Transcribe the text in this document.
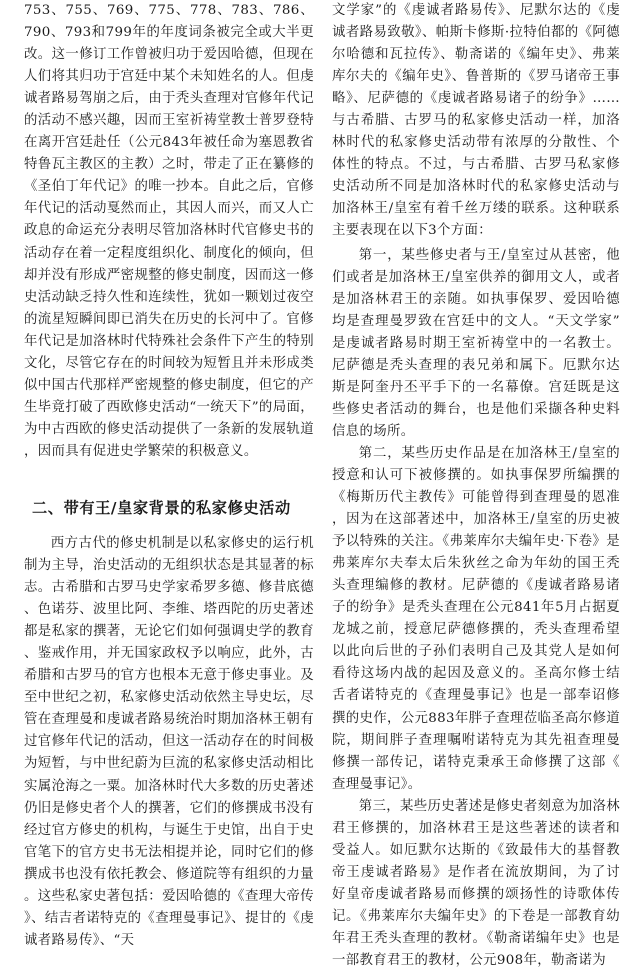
753、755、769、775、778、783、786、790、793和799年的年度词条被完全或大半更改。这一修订工作曾被归功于爱因哈德，但现在人们将其归功于宫廷中某个未知姓名的人。但虔诚者路易驾崩之后，由于秃头查理对官修年代记的活动不感兴趣，因而王室祈祷堂教士普罗登特在离开宫廷赴任（公元843年被任命为塞恩教省特鲁瓦主教区的主教）之时，带走了正在纂修的《圣伯丁年代记》的唯一抄本。自此之后，官修年代记的活动戛然而止，其因人而兴，而又人亡政息的命运充分表明尽管加洛林时代官修史书的活动存在着一定程度组织化、制度化的倾向，但却并没有形成严密规整的修史制度，因而这一修史活动缺乏持久性和连续性，犹如一颗划过夜空的流星短瞬间即已消失在历史的长河中了。官修年代记是加洛林时代特殊社会条件下产生的特别文化，尽管它存在的时间较为短暂且并未形成类似中国古代那样严密规整的修史制度，但它的产生毕竟打破了西欧修史活动“一统天下”的局面，为中古西欧的修史活动提供了一条新的发展轨道，因而具有促进史学繁荣的积极意义。

二、带有王/皇家背景的私家修史活动

西方古代的修史机制是以私家修史的运行机制为主导，治史活动的无组织状态是其显著的标志。古希腊和古罗马史学家希罗多德、修昔底德、色诺芬、波里比阿、李维、塔西陀的历史著述都是私家的撰著，无论它们如何强调史学的教育、鉴戒作用，并无国家政权予以响应，此外，古希腊和古罗马的官方也根本无意于修史事业。及至中世纪之初，私家修史活动依然主导史坛，尽管在查理曼和虔诚者路易统治时期加洛林王朝有过官修年代记的活动，但这一活动存在的时间极为短暂，与中世纪蔚为巨流的私家修史活动相比实属沧海之一粟。加洛林时代大多数的历史著述仍旧是修史者个人的撰著，它们的修撰成书没有经过官方修史的机构，与诞生于史馆，出自于史官笔下的官方史书无法相提并论，同时它们的修撰成书也没有依托教会、修道院等有组织的力量。这些私家史著包括：爱因哈德的《查理大帝传》、结吉者诺特克的《查理曼事记》、提甘的《虔诚者路易传》、“天

文学家”的《虔诚者路易传》、尼默尔达的《虔诚者路易致敬》、帕斯卡修斯·拉特伯都的《阿德尔哈德和瓦拉传》、勒斋诺的《编年史》、弗莱库尔夫的《编年史》、鲁普斯的《罗马诸帝王事略》、尼萨德的《虔诚者路易诸子的纷争》……与古希腊、古罗马的私家修史活动一样，加洛林时代的私家修史活动带有浓厚的分散性、个体性的特点。不过，与古希腊、古罗马私家修史活动所不同是加洛林时代的私家修史活动与加洛林王/皇室有着千丝万缕的联系。这种联系主要表现在以下3个方面：

第一，某些修史者与王/皇室过从甚密，他们或者是加洛林王/皇室供养的御用文人，或者是加洛林君王的亲随。如执事保罗、爱因哈德均是查理曼罗致在宫廷中的文人。“天文学家”是虔诚者路易时期王室祈祷堂中的一名教士。尼萨德是秃头查理的表兄弟和属下。厄默尔达斯是阿奎丹丕平手下的一名幕僚。宫廷既是这些修史者活动的舞台，也是他们采撷各种史料信息的场所。

第二，某些历史作品是在加洛林王/皇室的授意和认可下被修撰的。如执事保罗所编撰的《梅斯历代主教传》可能曾得到查理曼的恩准，因为在这部著述中，加洛林王/皇室的历史被予以特殊的关注。《弗莱库尔夫编年史·下卷》是弗莱库尔夫奉太后朱狄丝之命为年幼的国王秃头查理编修的教材。尼萨德的《虔诚者路易诸子的纷争》是秃头查理在公元841年5月占据夏龙城之前，授意尼萨德修撰的，秃头查理希望以此向后世的子孙们表明自己及其党人是如何看待这场内战的起因及意义的。圣高尔修士结舌者诺特克的《查理曼事记》也是一部奉诏修撰的史作，公元883年胖子查理莅临圣高尔修道院，期间胖子查理嘱咐诺特克为其先祖查理曼修撰一部传记，诺特克秉承王命修撰了这部《查理曼事记》。

第三，某些历史著述是修史者刻意为加洛林君王修撰的，加洛林君王是这些著述的读者和受益人。如厄默尔达斯的《致最伟大的基督教帝王虔诚者路易》是作者在流放期间，为了讨好皇帝虔诚者路易而修撰的颂扬性的诗歌体传记。《弗莱库尔夫编年史》的下卷是一部教育幼年君王秃头查理的教材。《勒斋诺编年史》也是一部教育君王的教材，公元908年，勒斋诺为
